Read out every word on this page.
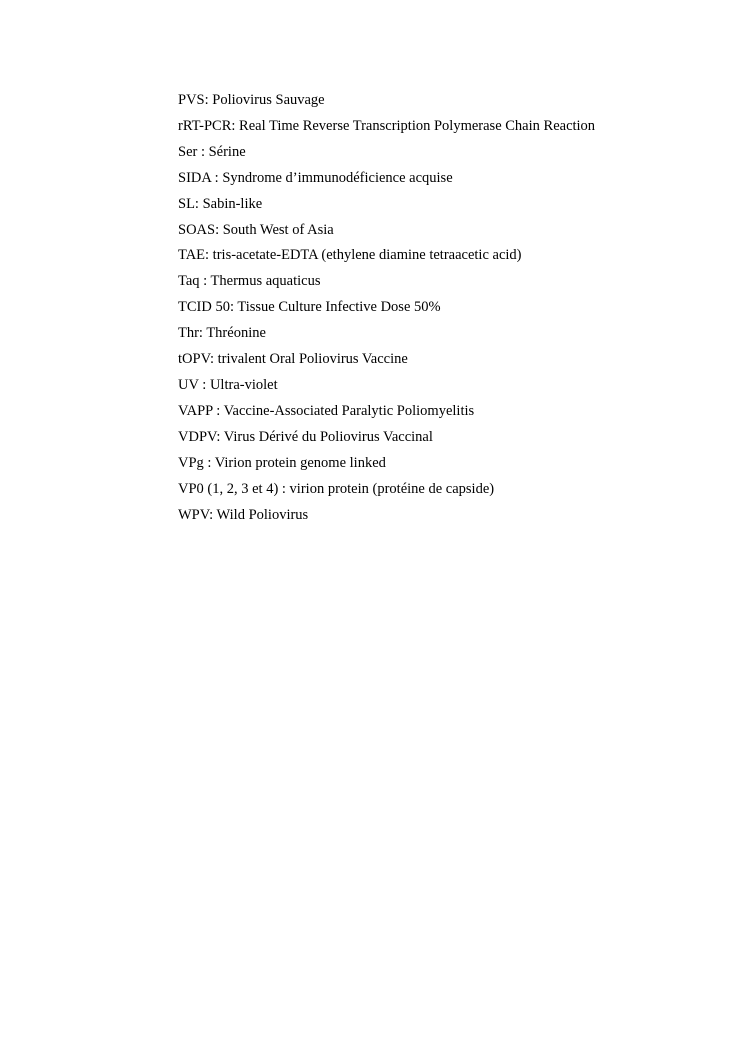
PVS: Poliovirus Sauvage
rRT-PCR: Real Time Reverse Transcription Polymerase Chain Reaction
Ser : Sérine
SIDA : Syndrome d’immunodéficience acquise
SL: Sabin-like
SOAS: South West of Asia
TAE: tris-acetate-EDTA (ethylene diamine tetraacetic acid)
Taq : Thermus aquaticus
TCID 50: Tissue Culture Infective Dose 50%
Thr: Thréonine
tOPV: trivalent Oral Poliovirus Vaccine
UV : Ultra-violet
VAPP : Vaccine-Associated Paralytic Poliomyelitis
VDPV: Virus Dérivé du Poliovirus Vaccinal
VPg : Virion protein genome linked
VP0 (1, 2, 3 et 4) : virion protein (protéine de capside)
WPV: Wild Poliovirus
